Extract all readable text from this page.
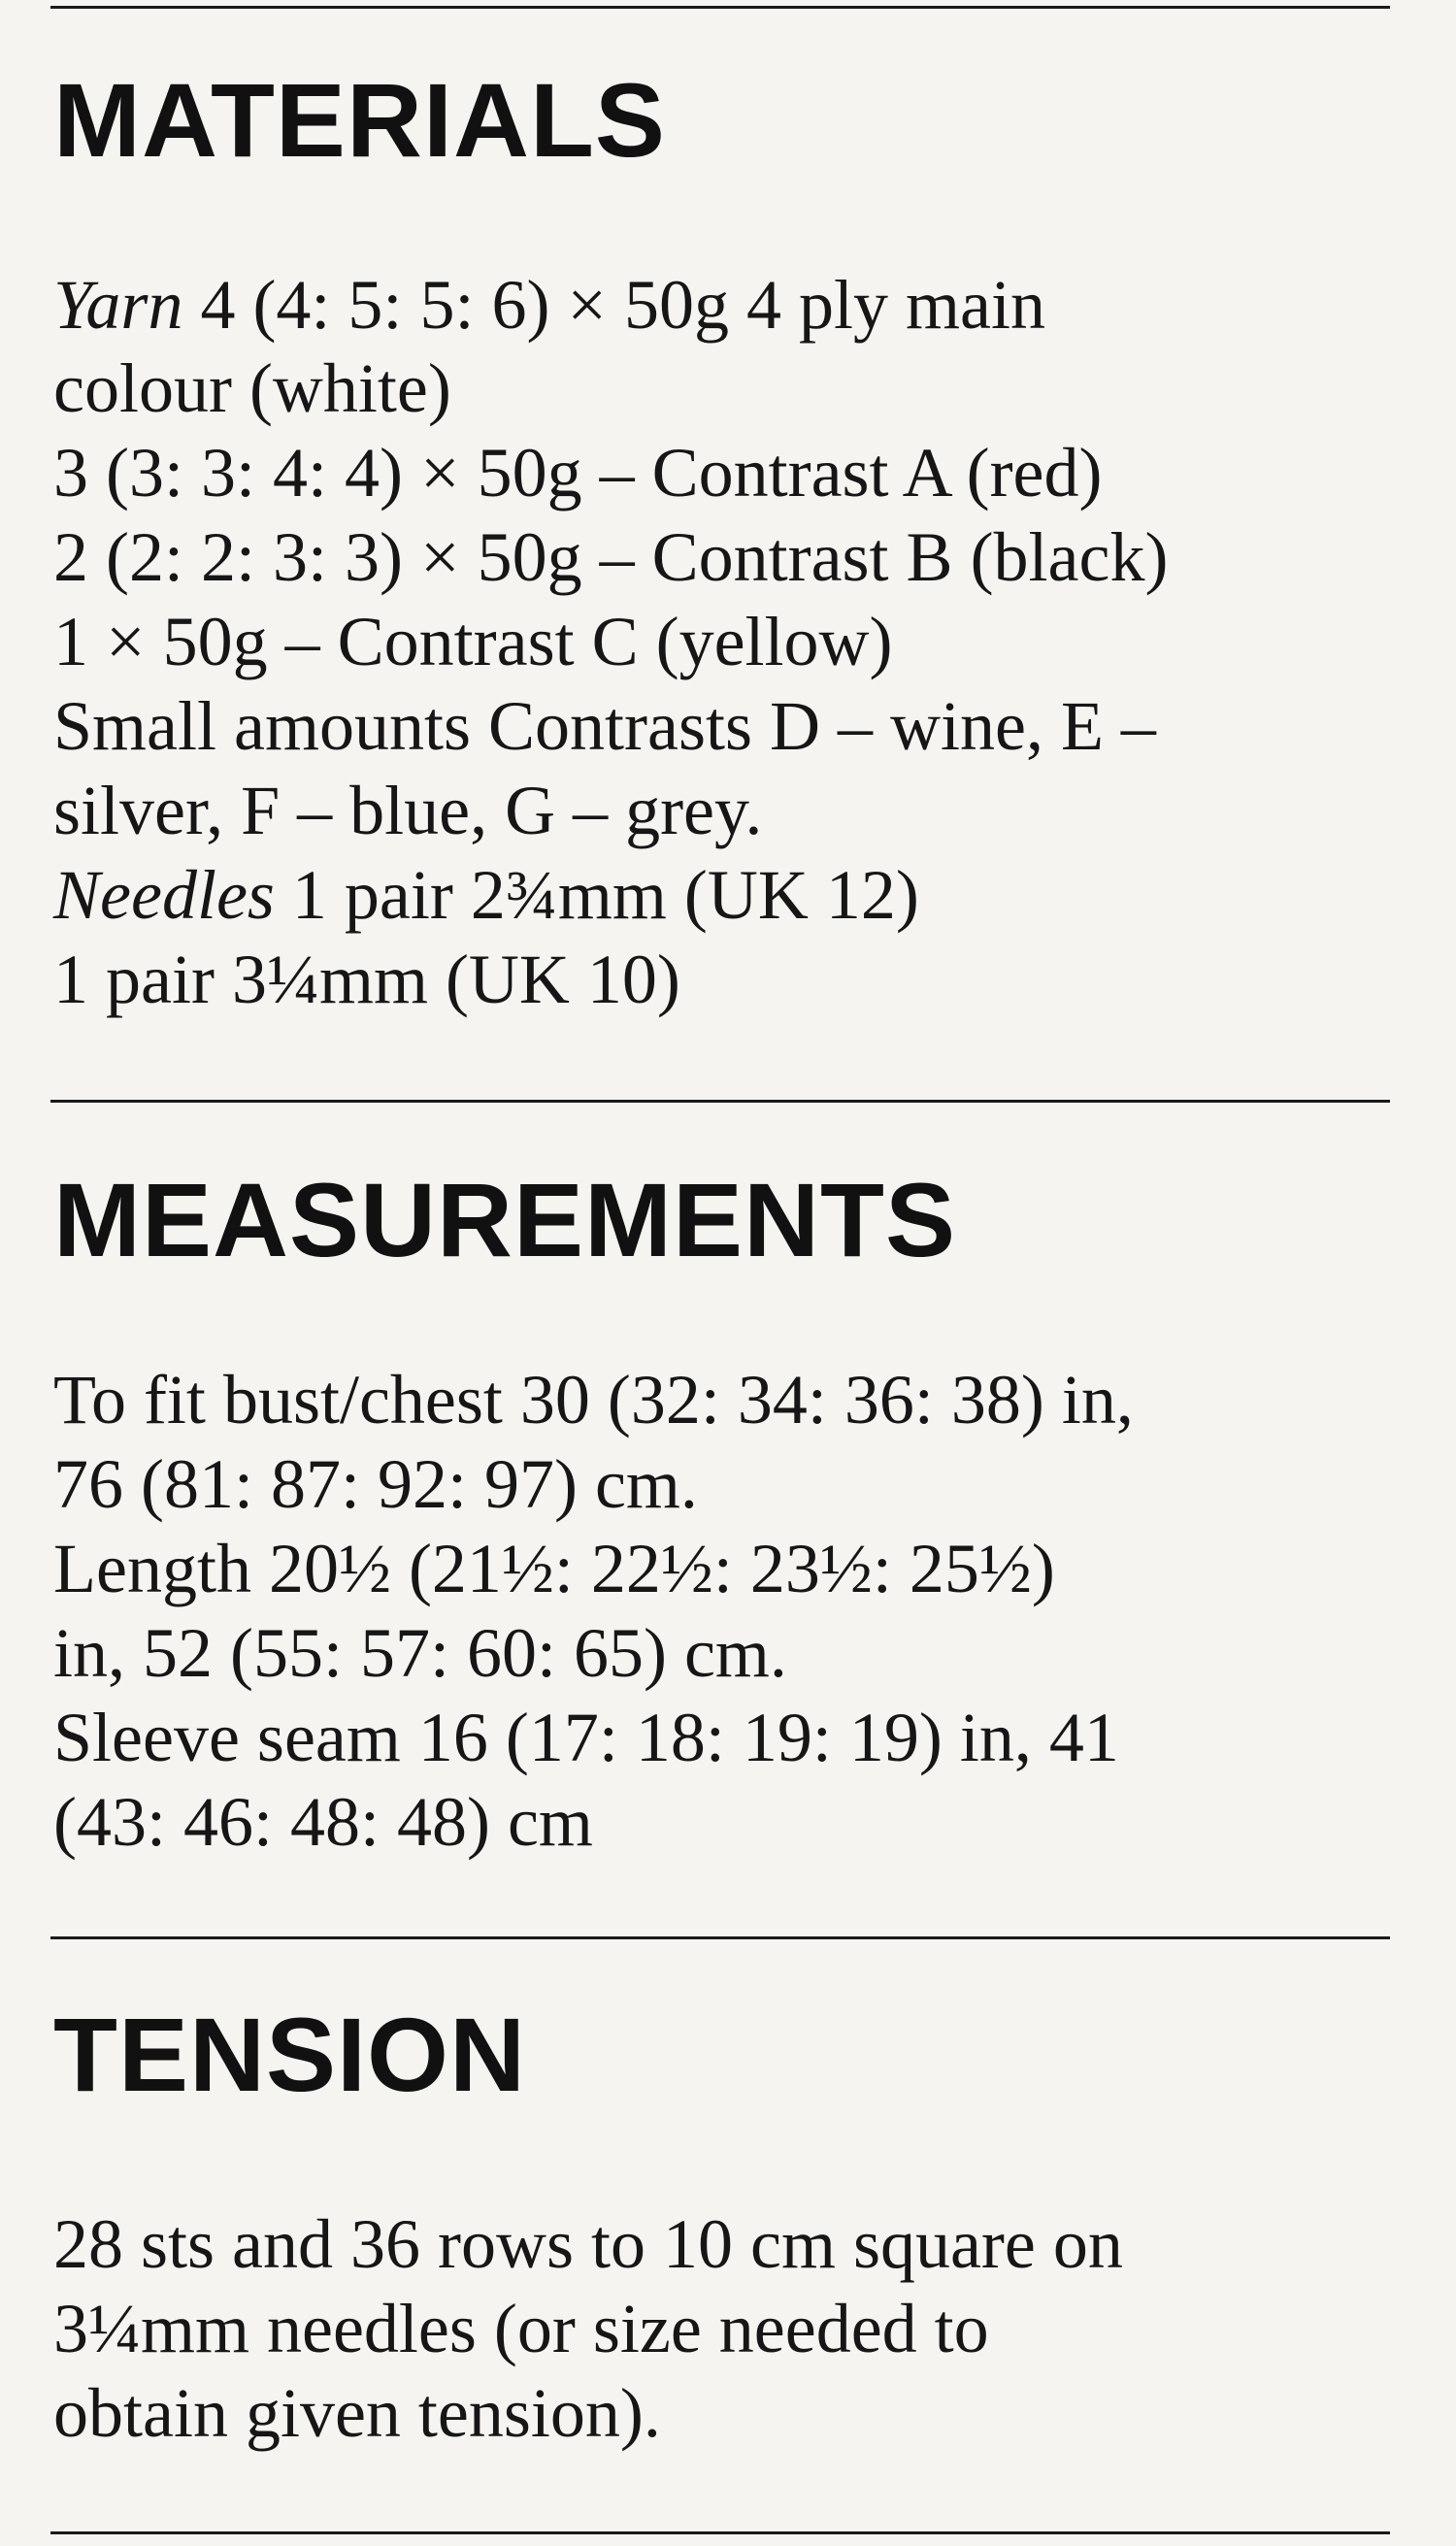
MATERIALS
Yarn 4 (4: 5: 5: 6) × 50g 4 ply main
colour (white)
3 (3: 3: 4: 4) × 50g – Contrast A (red)
2 (2: 2: 3: 3) × 50g – Contrast B (black)
1 × 50g – Contrast C (yellow)
Small amounts Contrasts D – wine, E –
silver, F – blue, G – grey.
Needles 1 pair 2¾mm (UK 12)
1 pair 3¼mm (UK 10)
MEASUREMENTS
To fit bust/chest 30 (32: 34: 36: 38) in,
76 (81: 87: 92: 97) cm.
Length 20½ (21½: 22½: 23½: 25½)
in, 52 (55: 57: 60: 65) cm.
Sleeve seam 16 (17: 18: 19: 19) in, 41
(43: 46: 48: 48) cm
TENSION
28 sts and 36 rows to 10 cm square on
3¼mm needles (or size needed to
obtain given tension).
